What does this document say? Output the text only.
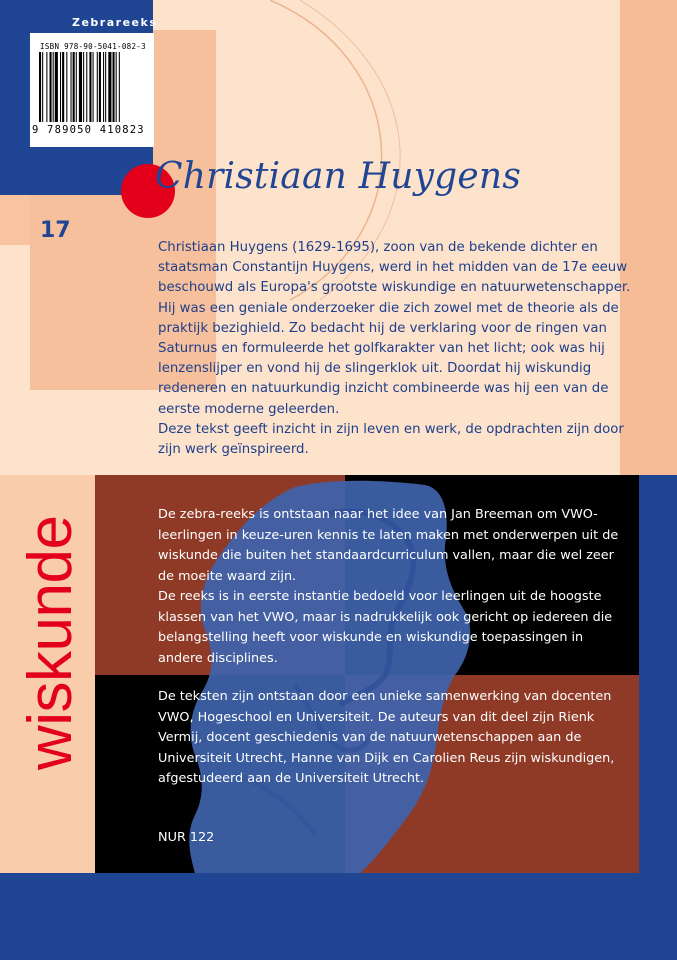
ISBN 978-90-5041-082-3
9 789050 410823
Zebrareeks
17
Christiaan Huygens
Christiaan Huygens (1629-1695), zoon van de bekende dichter en
staatsman Constantijn Huygens, werd in het midden van de 17e eeuw
beschouwd als Europa's grootste wiskundige en natuurwetenschapper.
Hij was een geniale onderzoeker die zich zowel met de theorie als de
praktijk bezighield. Zo bedacht hij de verklaring voor de ringen van
Saturnus en formuleerde het golfkarakter van het licht; ook was hij
lenzenslijper en vond hij de slingerklok uit. Doordat hij wiskundig
redeneren en natuurkundig inzicht combineerde was hij een van de
eerste moderne geleerden.
Deze tekst geeft inzicht in zijn leven en werk, de opdrachten zijn door
zijn werk geïnspireerd.
wiskunde
De zebra-reeks is ontstaan naar het idee van Jan Breeman om VWO-
leerlingen in keuze-uren kennis te laten maken met onderwerpen uit de
wiskunde die buiten het standaardcurriculum vallen, maar die wel zeer
de moeite waard zijn.
De reeks is in eerste instantie bedoeld voor leerlingen uit de hoogste
klassen van het VWO, maar is nadrukkelijk ook gericht op iedereen die
belangstelling heeft voor wiskunde en wiskundige toepassingen in
andere disciplines.
De teksten zijn ontstaan door een unieke samenwerking van docenten
VWO, Hogeschool en Universiteit. De auteurs van dit deel zijn Rienk
Vermij, docent geschiedenis van de natuurwetenschappen aan de
Universiteit Utrecht, Hanne van Dijk en Carolien Reus zijn wiskundigen,
afgestudeerd aan de Universiteit Utrecht.
NUR 122
